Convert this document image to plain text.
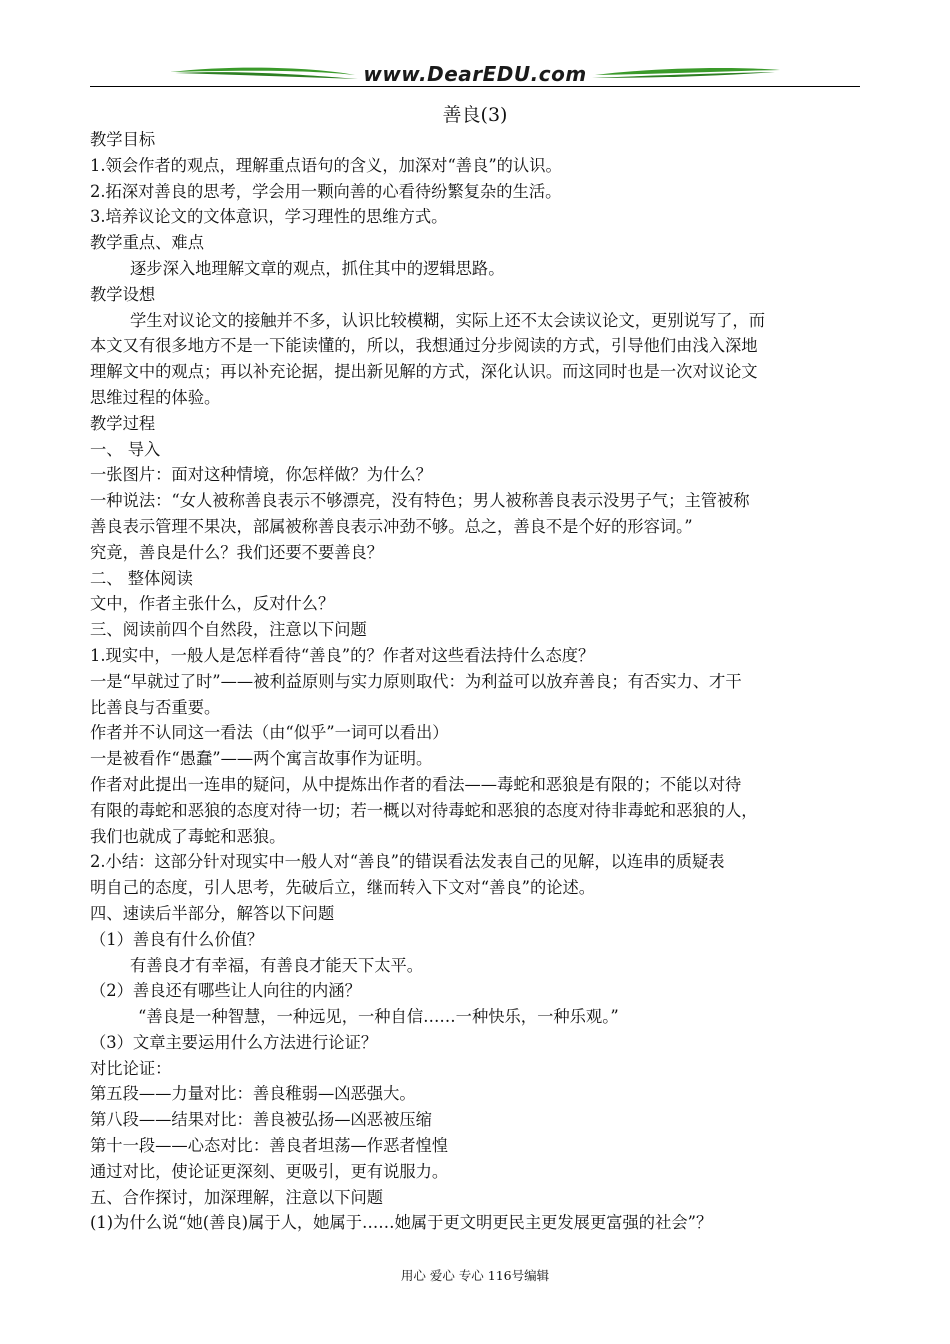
www.DearEDU.com
善良(3)
教学目标
1.领会作者的观点，理解重点语句的含义，加深对“善良”的认识。
2.拓深对善良的思考，学会用一颗向善的心看待纷繁复杂的生活。
3.培养议论文的文体意识，学习理性的思维方式。
教学重点、难点
逐步深入地理解文章的观点，抓住其中的逻辑思路。
教学设想
学生对议论文的接触并不多，认识比较模糊，实际上还不太会读议论文，更别说写了，而
本文又有很多地方不是一下能读懂的，所以，我想通过分步阅读的方式，引导他们由浅入深地
理解文中的观点；再以补充论据，提出新见解的方式，深化认识。而这同时也是一次对议论文
思维过程的体验。
教学过程
一、 导入
一张图片：面对这种情境，你怎样做？为什么？
一种说法：“女人被称善良表示不够漂亮，没有特色；男人被称善良表示没男子气；主管被称
善良表示管理不果决，部属被称善良表示冲劲不够。总之，善良不是个好的形容词。”
究竟，善良是什么？我们还要不要善良？
二、 整体阅读
文中，作者主张什么，反对什么？
三、阅读前四个自然段，注意以下问题
1.现实中，一般人是怎样看待“善良”的？作者对这些看法持什么态度？
一是“早就过了时”——被利益原则与实力原则取代：为利益可以放弃善良；有否实力、才干
比善良与否重要。
作者并不认同这一看法（由“似乎”一词可以看出）
一是被看作“愚蠢”——两个寓言故事作为证明。
作者对此提出一连串的疑问，从中提炼出作者的看法——毒蛇和恶狼是有限的；不能以对待
有限的毒蛇和恶狼的态度对待一切；若一概以对待毒蛇和恶狼的态度对待非毒蛇和恶狼的人，
我们也就成了毒蛇和恶狼。
2.小结：这部分针对现实中一般人对“善良”的错误看法发表自己的见解，以连串的质疑表
明自己的态度，引人思考，先破后立，继而转入下文对“善良”的论述。
四、速读后半部分，解答以下问题
（1）善良有什么价值？
有善良才有幸福，有善良才能天下太平。
（2）善良还有哪些让人向往的内涵？
“善良是一种智慧，一种远见，一种自信……一种快乐，一种乐观。”
（3）文章主要运用什么方法进行论证？
对比论证：
第五段——力量对比：善良稚弱—凶恶强大。
第八段——结果对比：善良被弘扬—凶恶被压缩
第十一段——心态对比：善良者坦荡—作恶者惶惶
通过对比，使论证更深刻、更吸引，更有说服力。
五、合作探讨，加深理解，注意以下问题
(1)为什么说“她(善良)属于人，她属于……她属于更文明更民主更发展更富强的社会”？
用心 爱心 专心 116号编辑
